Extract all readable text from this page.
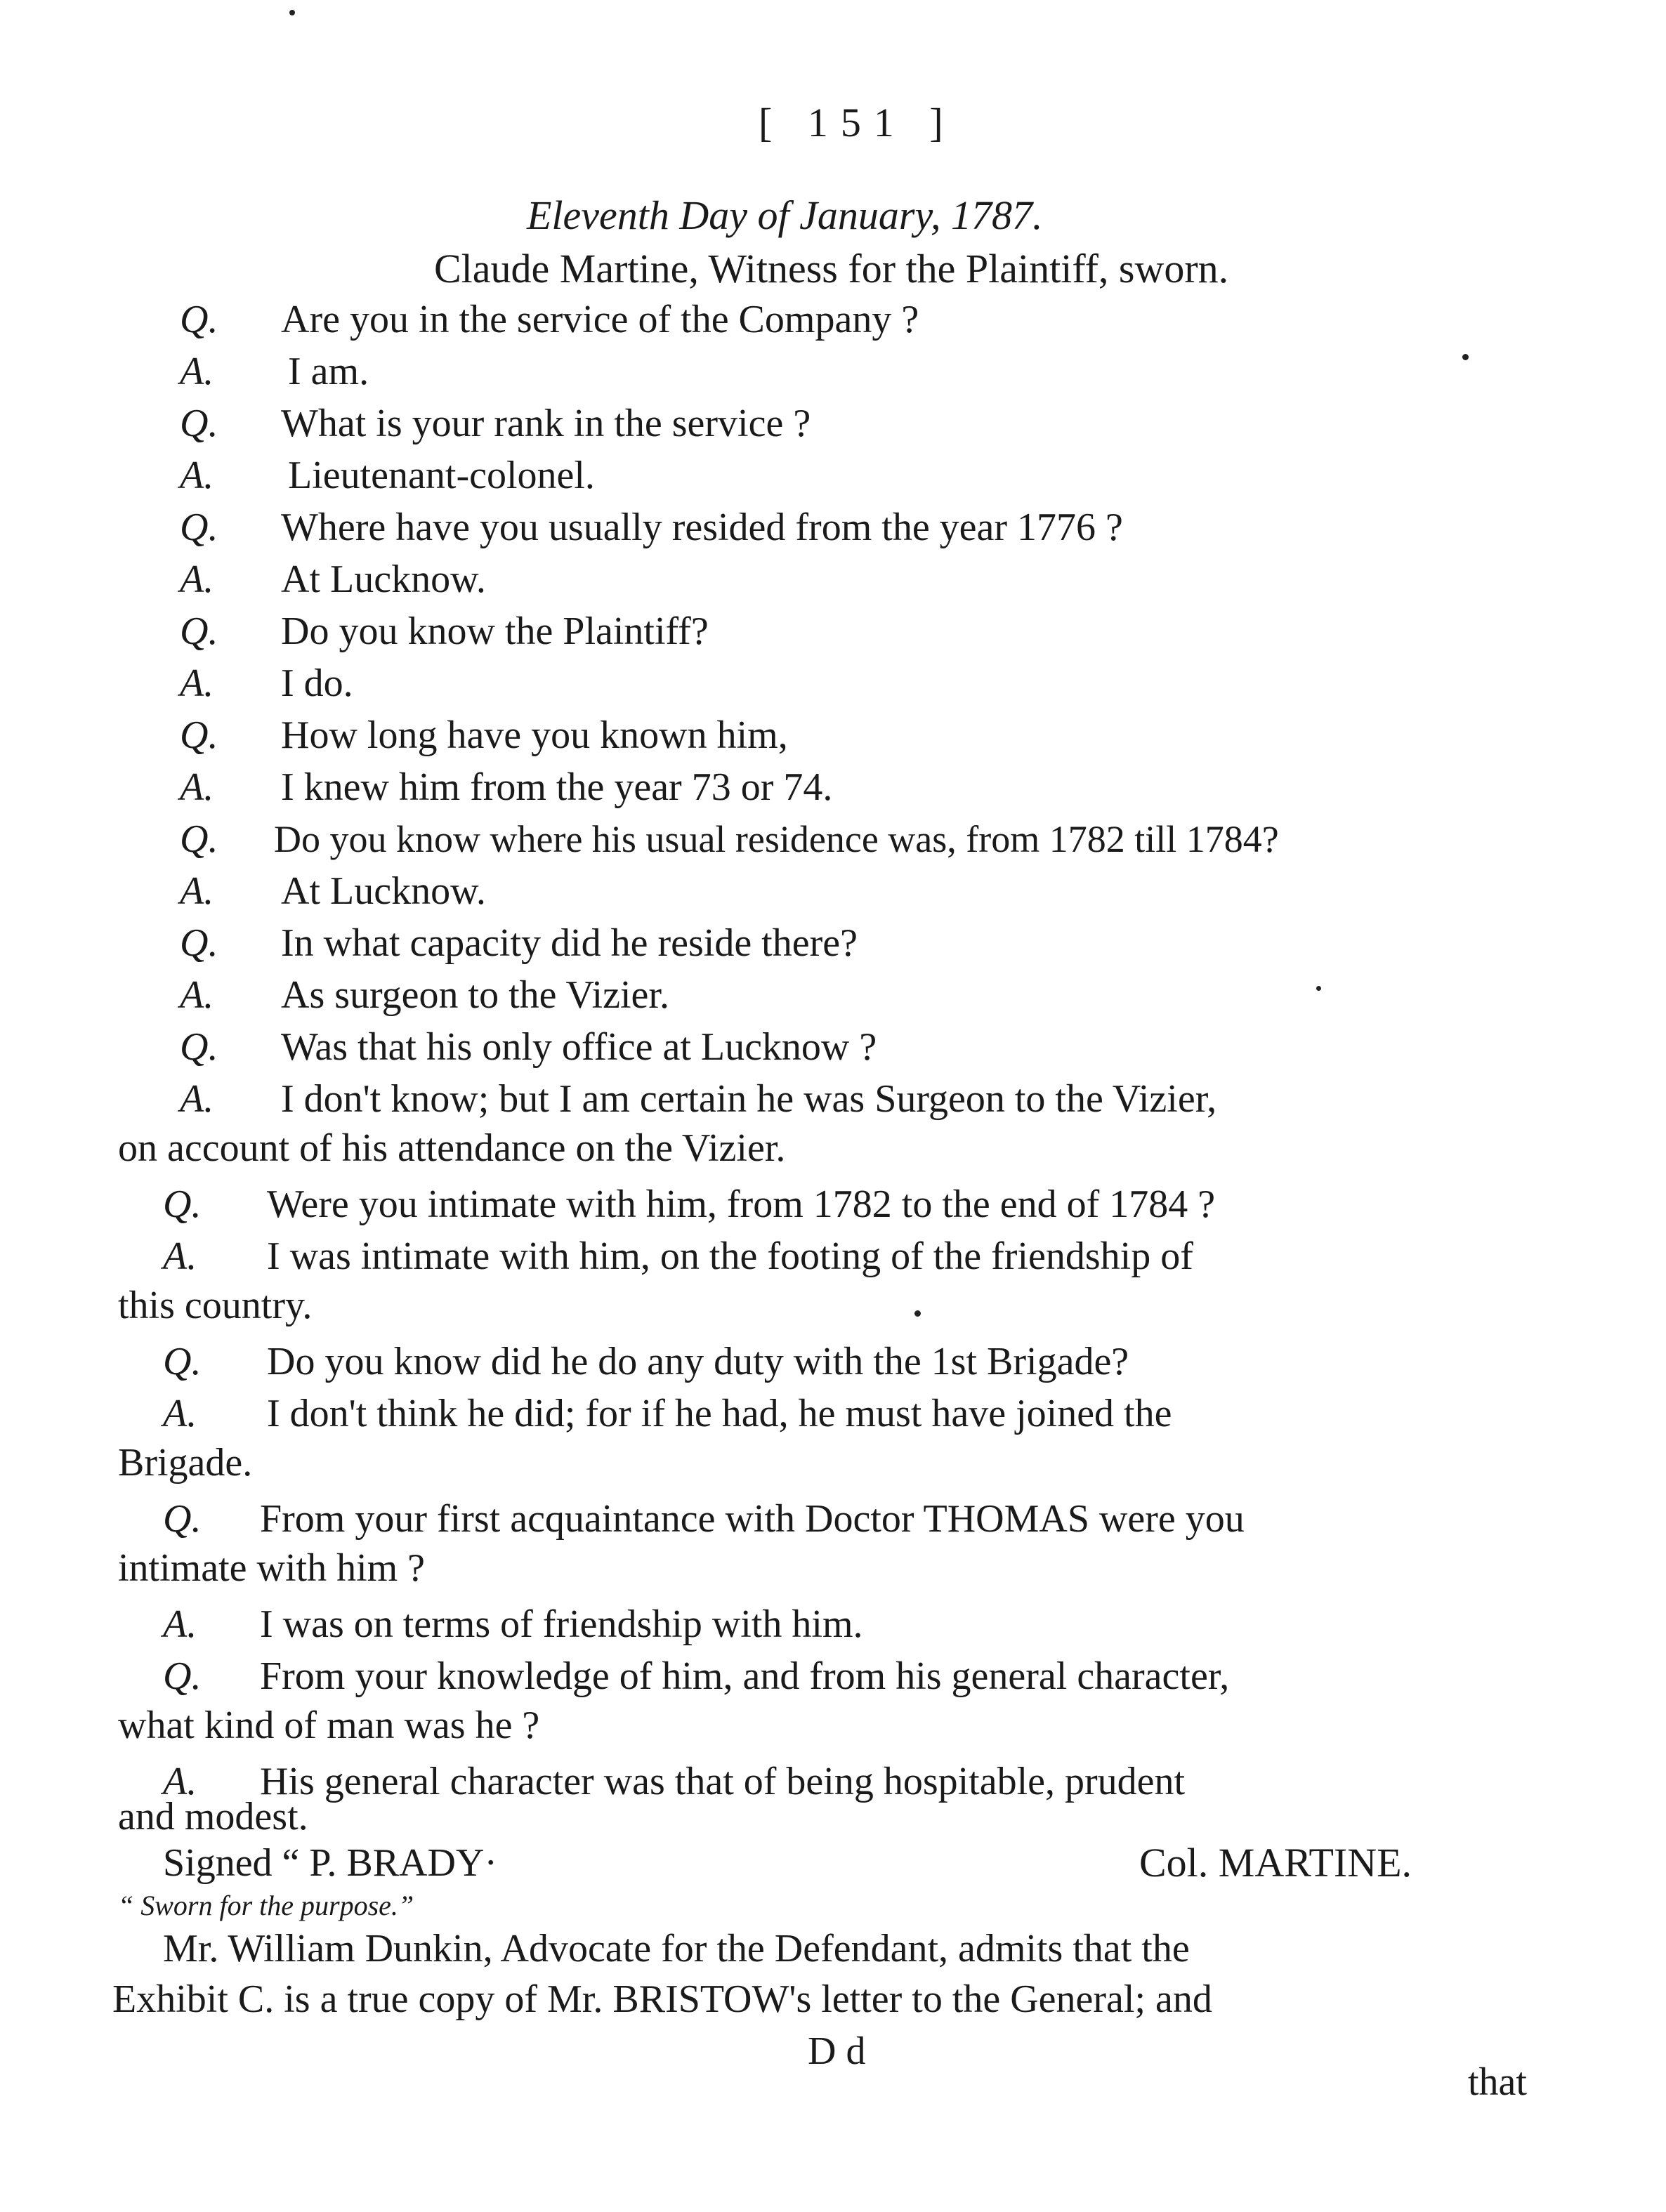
[ 151 ]
Eleventh Day of January, 1787.
Claude Martine, Witness for the Plaintiff, sworn.
Q. Are you in the service of the Company ?
A. I am.
Q. What is your rank in the service ?
A. Lieutenant-colonel.
Q. Where have you usually resided from the year 1776 ?
A. At Lucknow.
Q. Do you know the Plaintiff?
A. I do.
Q. How long have you known him,
A. I knew him from the year 73 or 74.
Q. Do you know where his usual residence was, from 1782 till 1784?
A. At Lucknow.
Q. In what capacity did he reside there?
A. As surgeon to the Vizier.
Q. Was that his only office at Lucknow ?
A. I don't know; but I am certain he was Surgeon to the Vizier,
on account of his attendance on the Vizier.
Q. Were you intimate with him, from 1782 to the end of 1784 ?
A. I was intimate with him, on the footing of the friendship of
this country.
Q. Do you know did he do any duty with the 1st Brigade?
A. I don't think he did; for if he had, he must have joined the
Brigade.
Q. From your first acquaintance with Doctor THOMAS were you
intimate with him ?
A. I was on terms of friendship with him.
Q. From your knowledge of him, and from his general character,
what kind of man was he ?
A. His general character was that of being hospitable, prudent
Signed “ P. BRADY·	Col. MARTINE.
“ Sworn for the purpose.”
Mr. William Dunkin, Advocate for the Defendant, admits that the
Exhibit C. is a true copy of Mr. BRISTOW's letter to the General; and
D d
that
and modest.
